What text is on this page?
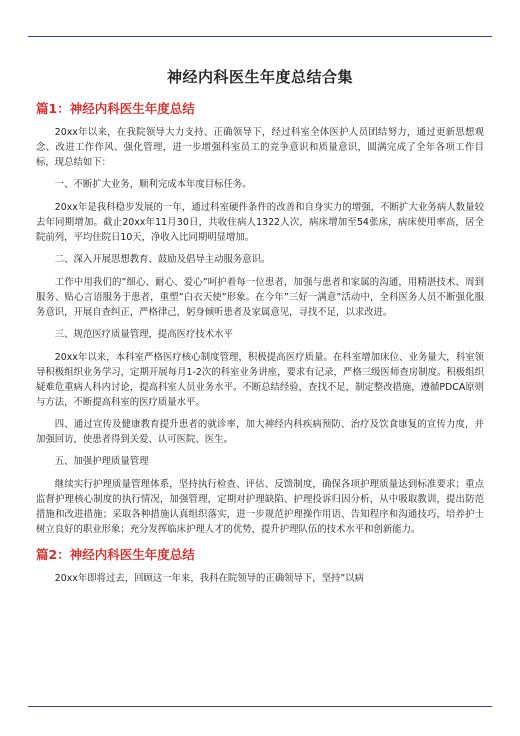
神经内科医生年度总结合集
篇1：神经内科医生年度总结

20xx年以来，在我院领导大力支持、正确领导下，经过科室全体医护人员团结努力，通过更新思想观念、改进工作作风、强化管理，进一步增强科室员工的竞争意识和质量意识，圆满完成了全年各项工作目标，现总结如下：

一、不断扩大业务，顺利完成本年度目标任务。

20xx年是我科稳步发展的一年，通过科室硬件条件的改善和自身实力的增强，不断扩大业务病人数量较去年同期增加。截止20xx年11月30日，共收住病人1322人次，病床增加至54张床，病床使用率高，居全院前列，平均住院日10天，净收入比同期明显增加。

二、深入开展思想教育、鼓励及倡导主动服务意识。

工作中用我们的”细心、耐心、爱心”呵护着每一位患者，加强与患者和家属的沟通，用精湛技术、周到服务、贴心言语服务于患者，重塑”白衣天使”形象。在今年”三好一满意”活动中，全科医务人员不断强化服务意识，开展自查纠正，严格律己，躬身倾听患者及家属意见，寻找不足，以求改进。

三、规范医疗质量管理，提高医疗技术水平

20xx年以来，本科室严格医疗核心制度管理，积极提高医疗质量。在科室增加床位、业务量大，科室领导积极组织业务学习，定期开展每月1-2次的科室业务讲座，要求有记录，严格三级医师查房制度。积极组织疑难危重病人科内讨论，提高科室人员业务水平。不断总结经验，查找不足，制定整改措施，遵循PDCA原则与方法，不断提高科室的医疗质量水平。

四、通过宣传及健康教育提升患者的就诊率，加大神经内科疾病预防、治疗及饮食康复的宣传力度，并加强回访，使患者得到关爱、认可医院、医生。

五、加强护理质量管理

继续实行护理质量管理体系，坚持执行检查、评估、反馈制度，确保各项护理质量达到标准要求；重点监督护理核心制度的执行情况，加强管理，定期对护理缺陷、护理投诉归因分析，从中吸取教训，提出防范措施和改进措施；采取各种措施认真组织落实，进一步规范护理操作用语、告知程序和沟通技巧，培养护士树立良好的职业形象；充分发挥临床护理人才的优势，提升护理队伍的技术水平和创新能力。

篇2：神经内科医生年度总结

20xx年即将过去，回顾这一年来，我科在院领导的正确领导下，坚持”以病
